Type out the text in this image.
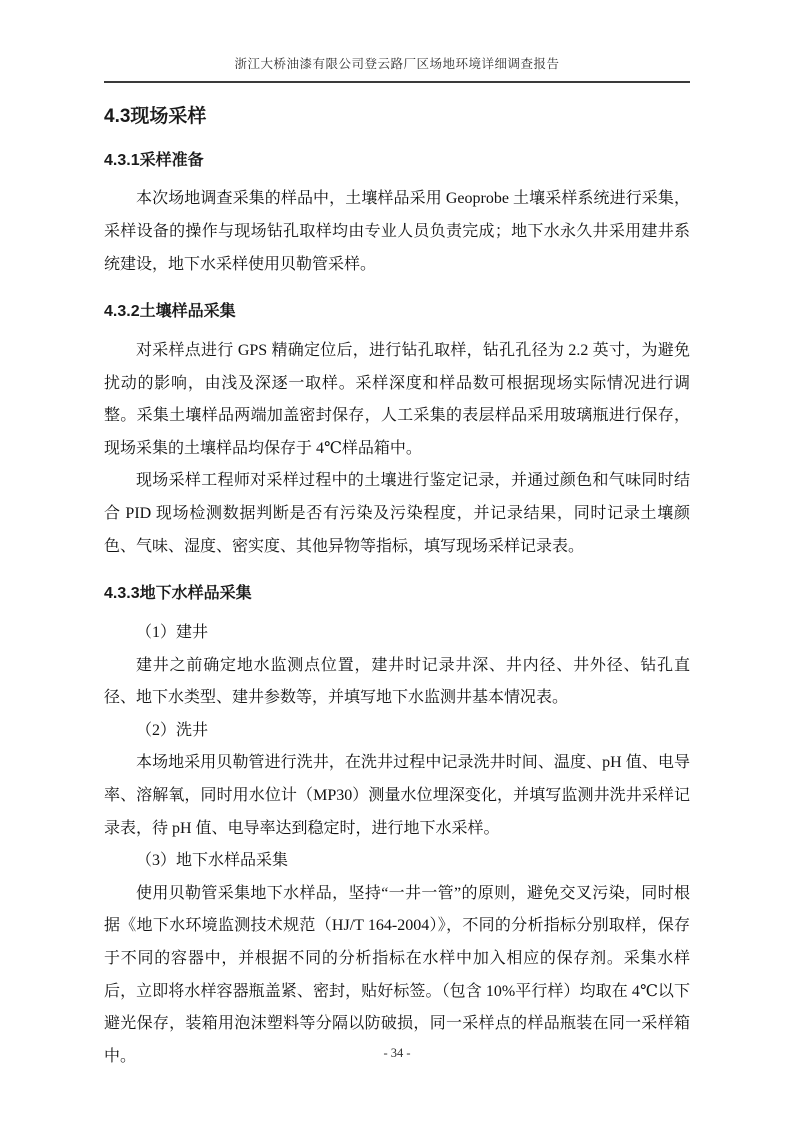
浙江大桥油漆有限公司登云路厂区场地环境详细调查报告
4.3现场采样
4.3.1采样准备

本次场地调查采集的样品中，土壤样品采用 Geoprobe 土壤采样系统进行采集，采样设备的操作与现场钻孔取样均由专业人员负责完成；地下水永久井采用建井系统建设，地下水采样使用贝勒管采样。

4.3.2土壤样品采集

对采样点进行 GPS 精确定位后，进行钻孔取样，钻孔孔径为 2.2 英寸，为避免扰动的影响，由浅及深逐一取样。采样深度和样品数可根据现场实际情况进行调整。采集土壤样品两端加盖密封保存，人工采集的表层样品采用玻璃瓶进行保存，现场采集的土壤样品均保存于 4℃样品箱中。

现场采样工程师对采样过程中的土壤进行鉴定记录，并通过颜色和气味同时结合 PID 现场检测数据判断是否有污染及污染程度，并记录结果，同时记录土壤颜色、气味、湿度、密实度、其他异物等指标，填写现场采样记录表。

4.3.3地下水样品采集

（1）建井

建井之前确定地水监测点位置，建井时记录井深、井内径、井外径、钻孔直径、地下水类型、建井参数等，并填写地下水监测井基本情况表。

（2）洗井

本场地采用贝勒管进行洗井，在洗井过程中记录洗井时间、温度、pH 值、电导率、溶解氧，同时用水位计（MP30）测量水位埋深变化，并填写监测井洗井采样记录表，待 pH 值、电导率达到稳定时，进行地下水采样。

（3）地下水样品采集

使用贝勒管采集地下水样品，坚持“一井一管”的原则，避免交叉污染，同时根据《地下水环境监测技术规范（HJ/T 164-2004）》，不同的分析指标分别取样，保存于不同的容器中，并根据不同的分析指标在水样中加入相应的保存剂。采集水样后，立即将水样容器瓶盖紧、密封，贴好标签。（包含 10%平行样）均取在 4℃以下避光保存，装箱用泡沫塑料等分隔以防破损，同一采样点的样品瓶装在同一采样箱中。	- 34 -
